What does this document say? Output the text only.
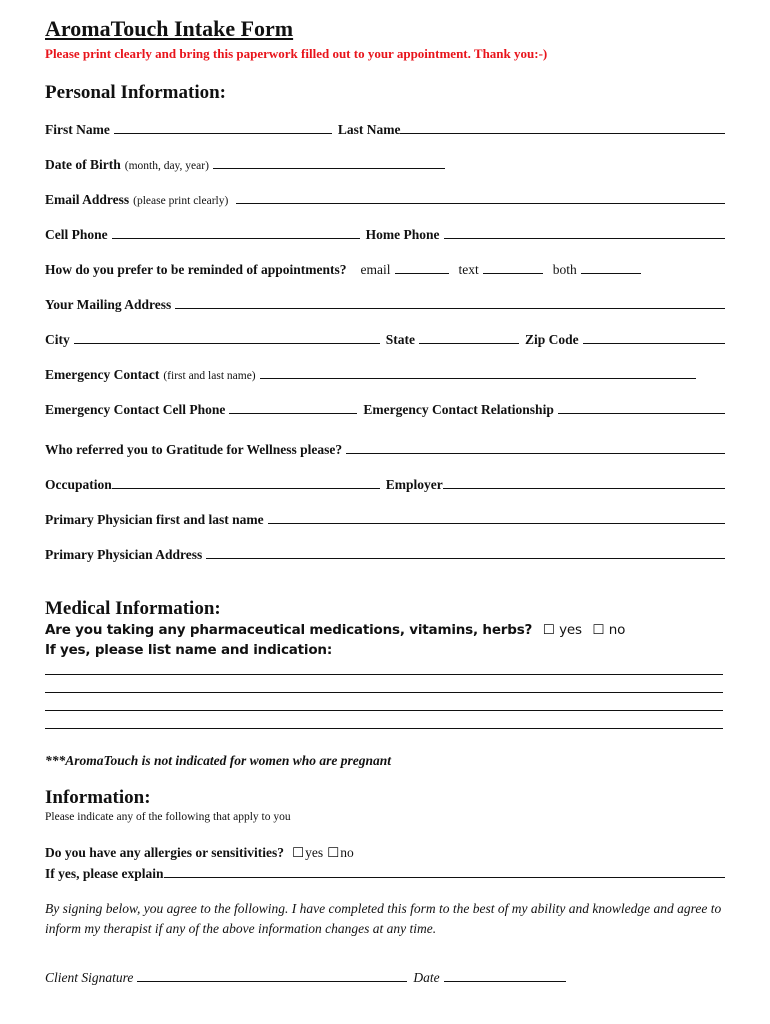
AromaTouch Intake Form
Please print clearly and bring this paperwork filled out to your appointment. Thank you:-)
Personal Information:
First Name	Last Name
Date of Birth (month, day, year)
Email Address (please print clearly)
Cell Phone	Home Phone
How do you prefer to be reminded of appointments? email	text	both
Your Mailing Address
City	State	Zip Code
Emergency Contact (first and last name)
Emergency Contact Cell Phone	Emergency Contact Relationship
Who referred you to Gratitude for Wellness please?
Occupation	Employer
Primary Physician first and last name
Primary Physician Address
Medical Information:
Are you taking any pharmaceutical medications, vitamins, herbs? ☐ yes ☐ no
If yes, please list name and indication:
***AromaTouch is not indicated for women who are pregnant
Information:
Please indicate any of the following that apply to you
Do you have any allergies or sensitivities? ☐ yes ☐ no
If yes, please explain
By signing below, you agree to the following. I have completed this form to the best of my ability and knowledge and agree to inform my therapist if any of the above information changes at any time.
Client Signature	Date
